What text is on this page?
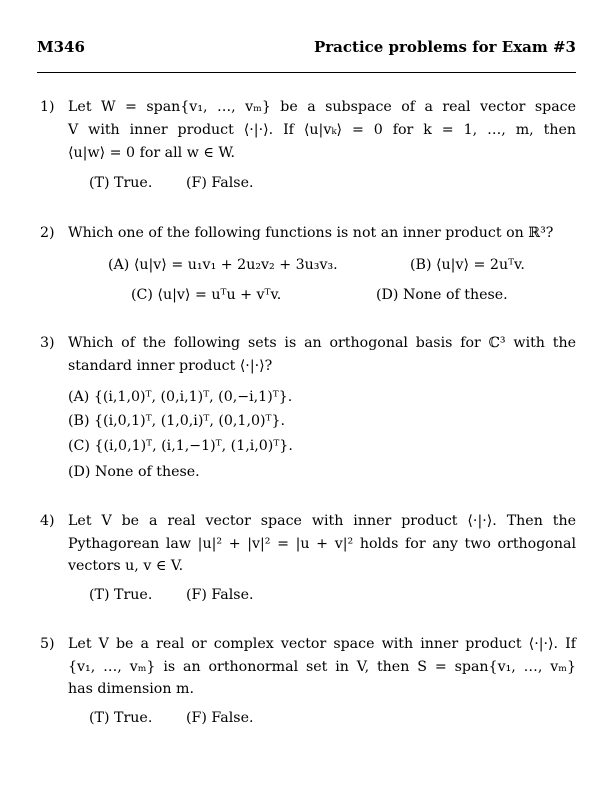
M346	Practice problems for Exam #3
1) Let W = span{v₁, …, vₘ} be a subspace of a real vector space
V with inner product ⟨·|·⟩. If ⟨u|vₖ⟩ = 0 for k = 1, …, m, then
⟨u|w⟩ = 0 for all w ∈ W.
(T) True. (F) False.
2) Which one of the following functions is not an inner product on ℝ³?
(A) ⟨u|v⟩ = u₁v₁ + 2u₂v₂ + 3u₃v₃.	(B) ⟨u|v⟩ = 2uᵀv.
(C) ⟨u|v⟩ = uᵀu + vᵀv.	(D) None of these.
3) Which of the following sets is an orthogonal basis for ℂ³ with the
standard inner product ⟨·|·⟩?
(A) {(i,1,0)ᵀ, (0,i,1)ᵀ, (0,−i,1)ᵀ}.
(B) {(i,0,1)ᵀ, (1,0,i)ᵀ, (0,1,0)ᵀ}.
(C) {(i,0,1)ᵀ, (i,1,−1)ᵀ, (1,i,0)ᵀ}.
(D) None of these.
4) Let V be a real vector space with inner product ⟨·|·⟩. Then the
Pythagorean law |u|² + |v|² = |u + v|² holds for any two orthogonal
vectors u, v ∈ V.
(T) True. (F) False.
5) Let V be a real or complex vector space with inner product ⟨·|·⟩. If
{v₁, …, vₘ} is an orthonormal set in V, then S = span{v₁, …, vₘ}
has dimension m.
(T) True. (F) False.
